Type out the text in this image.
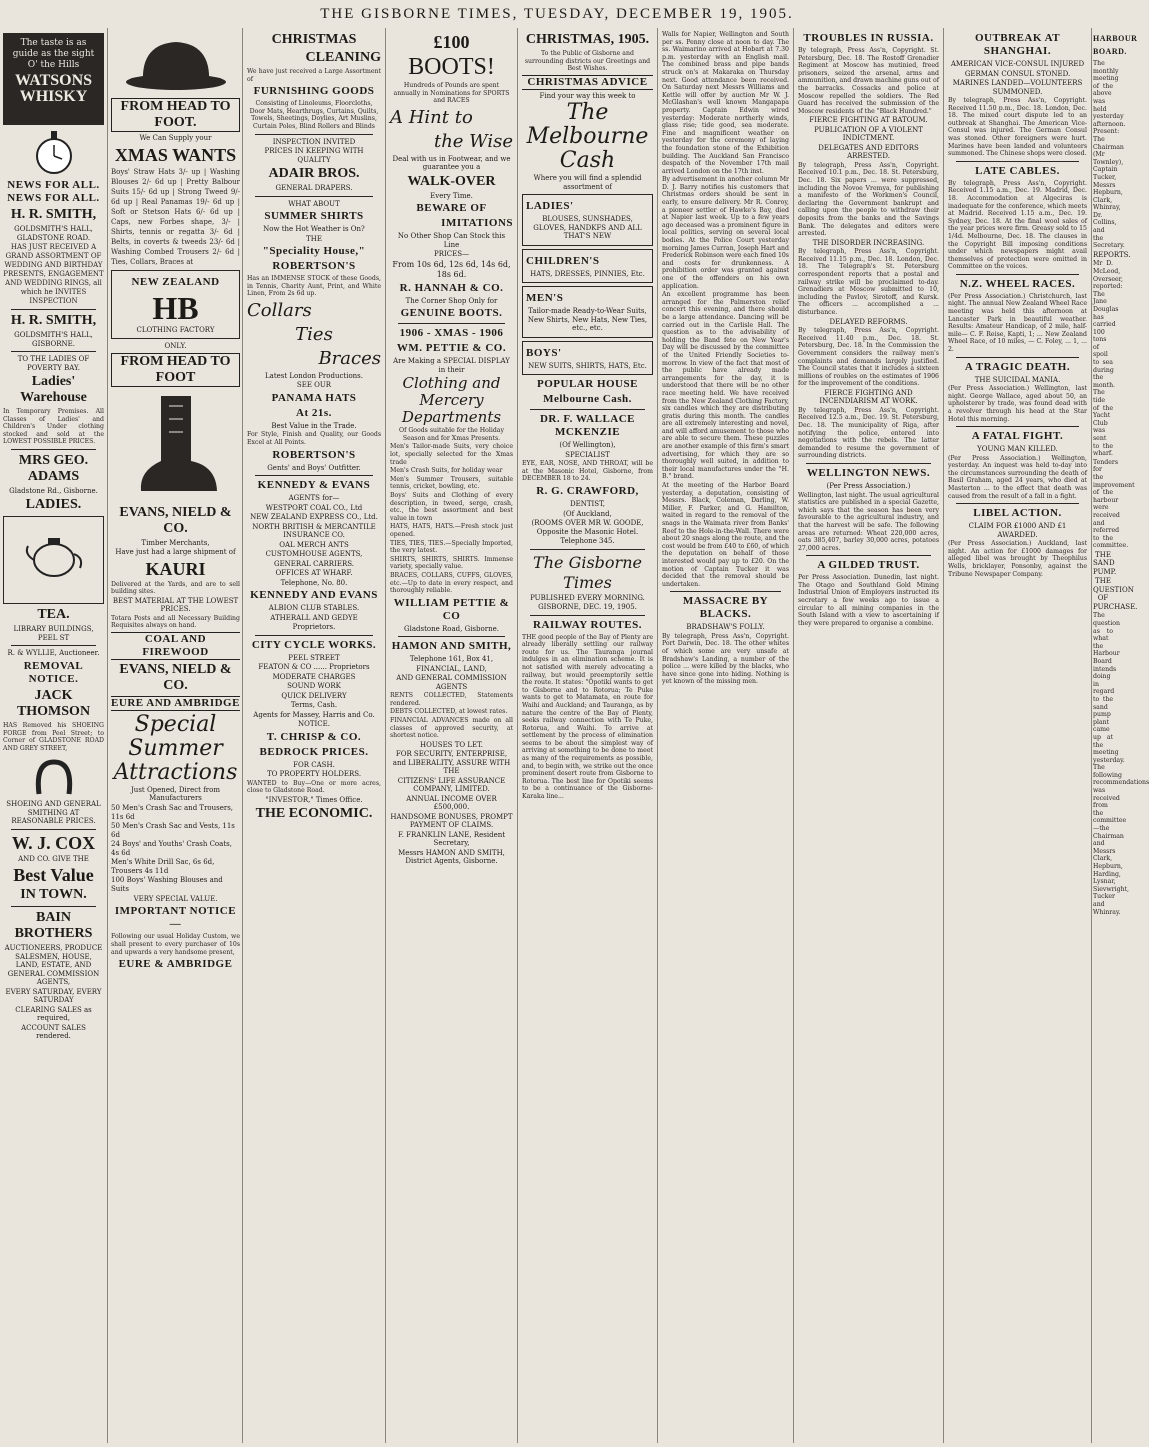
THE GISBORNE TIMES, TUESDAY, DECEMBER 19, 1905.
The taste is as guide as the sight O' the Hills
WATSONS WHISKY
NEWS FOR ALL. NEWS FOR ALL.
H. R. SMITH,
GOLDSMITH'S HALL, GLADSTONE ROAD.
HAS JUST RECEIVED A GRAND ASSORTMENT OF WEDDING AND BIRTHDAY PRESENTS, ENGAGEMENT AND WEDDING RINGS, all which he INVITES INSPECTION
H. R. SMITH,
GOLDSMITH'S HALL, GISBORNE.
TO THE LADIES OF POVERTY BAY.
Ladies' Warehouse
In Temporary Premises. All Classes of Ladies' and Children's Under clothing stocked and sold at the LOWEST POSSIBLE PRICES.
MRS GEO. ADAMS
Gladstone Rd., Gisborne.
LADIES.
TEA.
LIBRARY BUILDINGS, PEEL ST
R. & WYLLIE, Auctioneer.
REMOVAL NOTICE.
JACK THOMSON
HAS Removed his SHOEING FORGE from Peel Street; to Corner of GLADSTONE ROAD AND GREY STREET,
SHOEING AND GENERAL SMITHING AT REASONABLE PRICES.
W. J. COX
AND CO. GIVE THE
Best Value
IN TOWN.
BAIN BROTHERS
AUCTIONEERS, PRODUCE SALESMEN, HOUSE, LAND, ESTATE, AND GENERAL COMMISSION AGENTS,
EVERY SATURDAY, EVERY SATURDAY
CLEARING SALES as required,
ACCOUNT SALES rendered.
FROM HEAD TO FOOT.
We Can Supply your
XMAS WANTS
Boys' Straw Hats 3/- up | Washing Blouses 2/- 6d up | Pretty Balbour Suits 15/- 6d up | Strong Tweed 9/- 6d up | Real Panamas 19/- 6d up | Soft or Stetson Hats 6/- 6d up | Caps, new Forbes shape, 3/- | Shirts, tennis or regatta 3/- 6d | Belts, in coverts & tweeds 23/- 6d | Washing Combed Trousers 2/- 6d | Ties, Collars, Braces at
NEW ZEALAND
HB
CLOTHING FACTORY
ONLY.
FROM HEAD TO FOOT
EVANS, NIELD & CO.
Timber Merchants,
Have just had a large shipment of
KAURI
Delivered at the Yards, and are to sell building sites.
BEST MATERIAL AT THE LOWEST PRICES.
Totara Posts and all Necessary Building Requisites always on hand.
COAL AND FIREWOOD
EVANS, NIELD & CO.
EURE AND AMBRIDGE
Special
Summer
Attractions
Just Opened, Direct from Manufacturers
50 Men's Crash Sac and Trousers, 11s 6d
50 Men's Crash Sac and Vests, 11s 6d
24 Boys' and Youths' Crash Coats, 4s 6d
Men's White Drill Sac, 6s 6d, Trousers 4s 11d
100 Boys' Washing Blouses and Suits
VERY SPECIAL VALUE.
IMPORTANT NOTICE—
Following our usual Holiday Custom, we shall present to every purchaser of 10s and upwards a very handsome present,
EURE & AMBRIDGE
CHRISTMAS
CLEANING
We have just received a Large Assortment of
FURNISHING GOODS
Consisting of Linoleums, Floorcloths, Door Mats, Hearthrugs, Curtains, Quilts, Towels, Sheetings, Doylies, Art Muslins, Curtain Poles, Blind Rollers and Blinds
INSPECTION INVITED
PRICES IN KEEPING WITH QUALITY
ADAIR BROS.
GENERAL DRAPERS.
WHAT ABOUT
SUMMER SHIRTS
Now the Hot Weather is On?
THE
"Speciality House,"
ROBERTSON'S
Has an IMMENSE STOCK of these Goods, in Tennis, Charity Aunt, Print, and White Linen, From 2s 6d up.
Collars
Ties
Braces
Latest London Productions.
SEE OUR
PANAMA HATS
At 21s.
Best Value in the Trade.
For Style, Finish and Quality, our Goods Excel at All Points.
ROBERTSON'S
Gents' and Boys' Outfitter.
KENNEDY & EVANS
AGENTS for—
WESTPORT COAL CO., Ltd
NEW ZEALAND EXPRESS CO., Ltd.
NORTH BRITISH & MERCANTILE INSURANCE CO.
OAL MERCH ANTS
CUSTOMHOUSE AGENTS,
GENERAL CARRIERS.
OFFICES AT WHARF.
Telephone, No. 80.
KENNEDY AND EVANS
ALBION CLUB STABLES.
ATHERALL AND GEDYE
Proprietors.
CITY CYCLE WORKS.
PEEL STREET
FEATON & CO ...... Proprietors
MODERATE CHARGES
SOUND WORK
QUICK DELIVERY
Terms, Cash.
Agents for Massey, Harris and Co.
NOTICE.
T. CHRISP & CO.
BEDROCK PRICES.
FOR CASH.
TO PROPERTY HOLDERS.
WANTED to Buy—One or more acres, close to Gladstone Road.
"INVESTOR," Times Office.
THE ECONOMIC.
£100
BOOTS!
Hundreds of Pounds are spent annually in Nominations for SPORTS and RACES
A Hint to
the Wise
Deal with us in Footwear, and we guarantee you a
WALK-OVER
Every Time.
BEWARE OF
IMITATIONS
No Other Shop Can Stock this Line
PRICES—
From 10s 6d, 12s 6d, 14s 6d, 18s 6d.
R. HANNAH & CO.
The Corner Shop Only for
GENUINE BOOTS.
1906 - XMAS - 1906
WM. PETTIE & CO.
Are Making a SPECIAL DISPLAY in their
Clothing and Mercery
Departments
Of Goods suitable for the Holiday Season and for Xmas Presents.
Men's Tailor-made Suits, very choice lot, specially selected for the Xmas trade
Men's Crash Suits, for holiday wear
Men's Summer Trousers, suitable tennis, cricket, bowling, etc.
Boys' Suits and Clothing of every description, in tweed, serge, crash, etc., the best assortment and best value in town
HATS, HATS, HATS.—Fresh stock just opened.
TIES, TIES, TIES.—Specially Imported, the very latest.
SHIRTS, SHIRTS, SHIRTS. Immense variety, specially value.
BRACES, COLLARS, CUFFS, GLOVES, etc.—Up to date in every respect, and thoroughly reliable.
WILLIAM PETTIE & CO
Gladstone Road, Gisborne.
HAMON AND SMITH,
Telephone 161, Box 41,
FINANCIAL, LAND,
AND GENERAL COMMISSION AGENTS
RENTS COLLECTED, Statements rendered.
DEBTS COLLECTED, at lowest rates.
FINANCIAL ADVANCES made on all classes of approved security, at shortest notice.
HOUSES TO LET.
FOR SECURITY, ENTERPRISE, and LIBERALITY, ASSURE WITH THE
CITIZENS' LIFE ASSURANCE COMPANY, LIMITED.
ANNUAL INCOME OVER £500,000.
HANDSOME BONUSES, PROMPT PAYMENT OF CLAIMS.
F. FRANKLIN LANE, Resident Secretary,
Messrs HAMON AND SMITH, District Agents, Gisborne.
CHRISTMAS, 1905.
To the Public of Gisborne and surrounding districts our Greetings and Best Wishes.
CHRISTMAS ADVICE
Find your way this week to
The
Melbourne
Cash
Where you will find a splendid assortment of
LADIES'
BLOUSES, SUNSHADES, GLOVES, HANDKFS AND ALL THAT'S NEW
CHILDREN'S
HATS, DRESSES, PINNIES, Etc.
MEN'S
Tailor-made Ready-to-Wear Suits, New Shirts, New Hats, New Ties, etc., etc.
BOYS'
NEW SUITS, SHIRTS, HATS, Etc.
POPULAR HOUSE
Melbourne Cash.
DR. F. WALLACE MCKENZIE
(Of Wellington),
SPECIALIST
EYE, EAR, NOSE, AND THROAT, will be at the Masonic Hotel, Gisborne, from DECEMBER 18 to 24.
R. G. CRAWFORD,
DENTIST,
(Of Auckland,
(ROOMS OVER MR W. GOODE, Opposite the Masonic Hotel.
Telephone 345.
The Gisborne Times
PUBLISHED EVERY MORNING.
GISBORNE, DEC. 19, 1905.
RAILWAY ROUTES.
THE good people of the Bay of Plenty are already liberally settling our railway route for us. The Tauranga journal indulges in an elimination scheme. It is not satisfied with merely advocating a railway, but would preemptorily settle the route. It states: "Opotiki wants to get to Gisborne and to Rotorua; Te Puke wants to get to Matamata, en route for Waihi and Auckland; and Tauranga, as by nature the centre of the Bay of Plenty, seeks railway connection with Te Puke, Rotorua, and Waihi. To arrive at settlement by the process of elimination seems to be about the simplest way of arriving at something to be done to meet as many of the requirements as possible, and, to begin with, we strike out the once prominent desert route from Gisborne to Rotorua. The best line for Opotiki seems to be a continuance of the Gisborne-Karaka line...
Walls for Napier, Wellington and South per ss. Penny close at noon to day. The ss. Waimarino arrived at Hobart at 7.30 p.m. yesterday with an English mail. The combined brass and pipe bands struck on's at Makaraka on Thursday next. Good attendance been received. On Saturday next Messrs Williams and Kettle will offer by auction Mr W. J. McGlashan's well known Mangapapa property. Captain Edwin wired yesterday: Moderate northerly winds, glass rise; tide good, sea moderate. Fine and magnificent weather on yesterday for the ceremony of laying the foundation stone of the Exhibition building. The Auckland San Francisco despatch of the November 17th mail arrived London on the 17th inst.
By advertisement in another column Mr D. J. Barry notifies his customers that Christmas orders should be sent in early, to ensure delivery. Mr R. Conroy, a pioneer settler of Hawke's Bay, died at Napier last week. Up to a few years ago deceased was a prominent figure in local politics, serving on several local bodies. At the Police Court yesterday morning James Curran, Joseph Hart and Frederick Robinson were each fined 10s and costs for drunkenness. A prohibition order was granted against one of the offenders on his own application.
An excellent programme has been arranged for the Palmerston relief concert this evening, and there should be a large attendance. Dancing will be carried out in the Carlisle Hall. The question as to the advisability of holding the Band fete on New Year's Day will be discussed by the committee of the United Friendly Societies to-morrow. In view of the fact that most of the public have already made arrangements for the day, it is understood that there will be no other race meeting held. We have received from the New Zealand Clothing Factory, six candles which they are distributing gratis during this month. The candles are all extremely interesting and novel, and will afford amusement to those who are able to secure them. These puzzles are another example of this firm's smart advertising, for which they are so thoroughly well suited, in addition to their local manufactures under the "H. B." brand.
At the meeting of the Harbor Board yesterday, a deputation, consisting of Messrs. Black, Coleman, Darling, W. Miller, F. Parker, and G. Hamilton, waited in regard to the removal of the snags in the Waimata river from Banks' Reef to the Hole-in-the-Wall. There were about 20 snags along the route, and the cost would be from £40 to £60, of which the deputation on behalf of those interested would pay up to £20. On the motion of Captain Tucker it was decided that the removal should be undertaken.
MASSACRE BY BLACKS.
BRADSHAW'S FOLLY.
By telegraph, Press Ass'n, Copyright. Port Darwin, Dec. 18. The other whites of which some are very unsafe at Bradshaw's Landing, a number of the police ... were killed by the blacks, who have since gone into hiding. Nothing is yet known of the missing men.
TROUBLES IN RUSSIA.
By telegraph, Press Ass'n, Copyright. St. Petersburg, Dec. 18. The Rostoff Grenadier Regiment at Moscow has mutinied, freed prisoners, seized the arsenal, arms and ammunition, and drawn machine guns out of the barracks. Cossacks and police at Moscow repelled the soldiers. The Red Guard has received the submission of the Moscow residents of the "Black Hundred."
FIERCE FIGHTING AT BATOUM.
PUBLICATION OF A VIOLENT INDICTMENT.
DELEGATES AND EDITORS ARRESTED.
By telegraph, Press Ass'n, Copyright. Received 10.1 p.m., Dec. 18. St. Petersburg, Dec. 18. Six papers ... were suppressed, including the Novoe Vremya, for publishing a manifesto of the Workmen's Council, declaring the Government bankrupt and calling upon the people to withdraw their deposits from the banks and the Savings Bank. The delegates and editors were arrested.
THE DISORDER INCREASING.
By telegraph, Press Ass'n, Copyright. Received 11.15 p.m., Dec. 18. London, Dec. 18. The Telegraph's St. Petersburg correspondent reports that a postal and railway strike will be proclaimed to-day. Grenadiers at Moscow submitted to 10, including the Pavlov, Sirotoff, and Kursk. The officers ... accomplished a ... disturbance.
DELAYED REFORMS.
By telegraph, Press Ass'n, Copyright. Received 11.40 p.m., Dec. 18. St. Petersburg, Dec. 18. In the Commission the Government considers the railway men's complaints and demands largely justified. The Council states that it includes a sixteen millions of roubles on the estimates of 1906 for the improvement of the conditions.
FIERCE FIGHTING AND INCENDIARISM AT WORK.
By telegraph, Press Ass'n, Copyright. Received 12.5 a.m., Dec. 19. St. Petersburg, Dec. 18. The municipality of Riga, after notifying the police, entered into negotiations with the rebels. The latter demanded to resume the government of surrounding districts.
WELLINGTON NEWS.
(Per Press Association.)
Wellington, last night. The usual agricultural statistics are published in a special Gazette, which says that the season has been very favourable to the agricultural industry, and that the harvest will be safe. The following areas are returned: Wheat 220,000 acres, oats 385,407, barley 30,000 acres, potatoes 27,000 acres.
A GILDED TRUST.
Per Press Association. Dunedin, last night. The Otago and Southland Gold Mining Industrial Union of Employers instructed its secretary a few weeks ago to issue a circular to all mining companies in the South Island with a view to ascertaining if they were prepared to organise a combine.
OUTBREAK AT SHANGHAI.
AMERICAN VICE-CONSUL INJURED
GERMAN CONSUL STONED.
MARINES LANDED—VOLUNTEERS SUMMONED.
By telegraph, Press Ass'n, Copyright. Received 11.50 p.m., Dec. 18. London, Dec. 18. The mixed court dispute led to an outbreak at Shanghai. The American Vice-Consul was injured. The German Consul was stoned. Other foreigners were hurt. Marines have been landed and volunteers summoned. The Chinese shops were closed.
LATE CABLES.
By telegraph, Press Ass'n, Copyright. Received 1.15 a.m., Dec. 19. Madrid, Dec. 18. Accommodation at Algeciras is inadequate for the conference, which meets at Madrid. Received 1.15 a.m., Dec. 19. Sydney, Dec. 18. At the final wool sales of the year prices were firm. Greasy sold to 15 1/4d. Melbourne, Dec. 18. The clauses in the Copyright Bill imposing conditions under which newspapers might avail themselves of protection were omitted in Committee on the voices.
N.Z. WHEEL RACES.
(Per Press Association.) Christchurch, last night. The annual New Zealand Wheel Race meeting was held this afternoon at Lancaster Park in beautiful weather. Results: Amateur Handicap, of 2 mile, half-mile— C. F. Reise, Kapti, 1; ... New Zealand Wheel Race, of 10 miles, — C. Foley, ... 1, ... 2.
A TRAGIC DEATH.
THE SUICIDAL MANIA.
(Per Press Association.) Wellington, last night. George Wallace, aged about 50, an upholsterer by trade, was found dead with a revolver through his head at the Star Hotel this morning.
A FATAL FIGHT.
YOUNG MAN KILLED.
(Per Press Association.) Wellington, yesterday. An inquest was held to-day into the circumstances surrounding the death of Basil Graham, aged 24 years, who died at Masterton ... to the effect that death was caused from the result of a fall in a fight.
LIBEL ACTION.
CLAIM FOR £1000 AND £1 AWARDED.
(Per Press Association.) Auckland, last night. An action for £1000 damages for alleged libel was brought by Theophilus Wells, bricklayer, Ponsonby, against the Tribune Newspaper Company.
HARBOUR BOARD.
The monthly meeting of the above was held yesterday afternoon. Present: The Chairman (Mr Townley), Captain Tucker, Messrs Hepburn, Clark, Whinray, Dr. Collins, and the Secretary.
REPORTS.
Mr D. McLeod, Overseer, reported: The Jane Douglas has carried 100 tons of spoil to sea during the month. The tide of the Yacht Club was sent to the wharf.
Tenders for the improvement of the harbour were received and referred to the committee.
THE SAND PUMP.
THE QUESTION OF PURCHASE.
The question as to what the Harbour Board intends doing in regard to the sand pump plant came up at the meeting yesterday. The following recommendations was received from the committee—the Chairman and Messrs Clark, Hepburn, Harding, Lysnar, Sievwright, Tucker and Whinray.
